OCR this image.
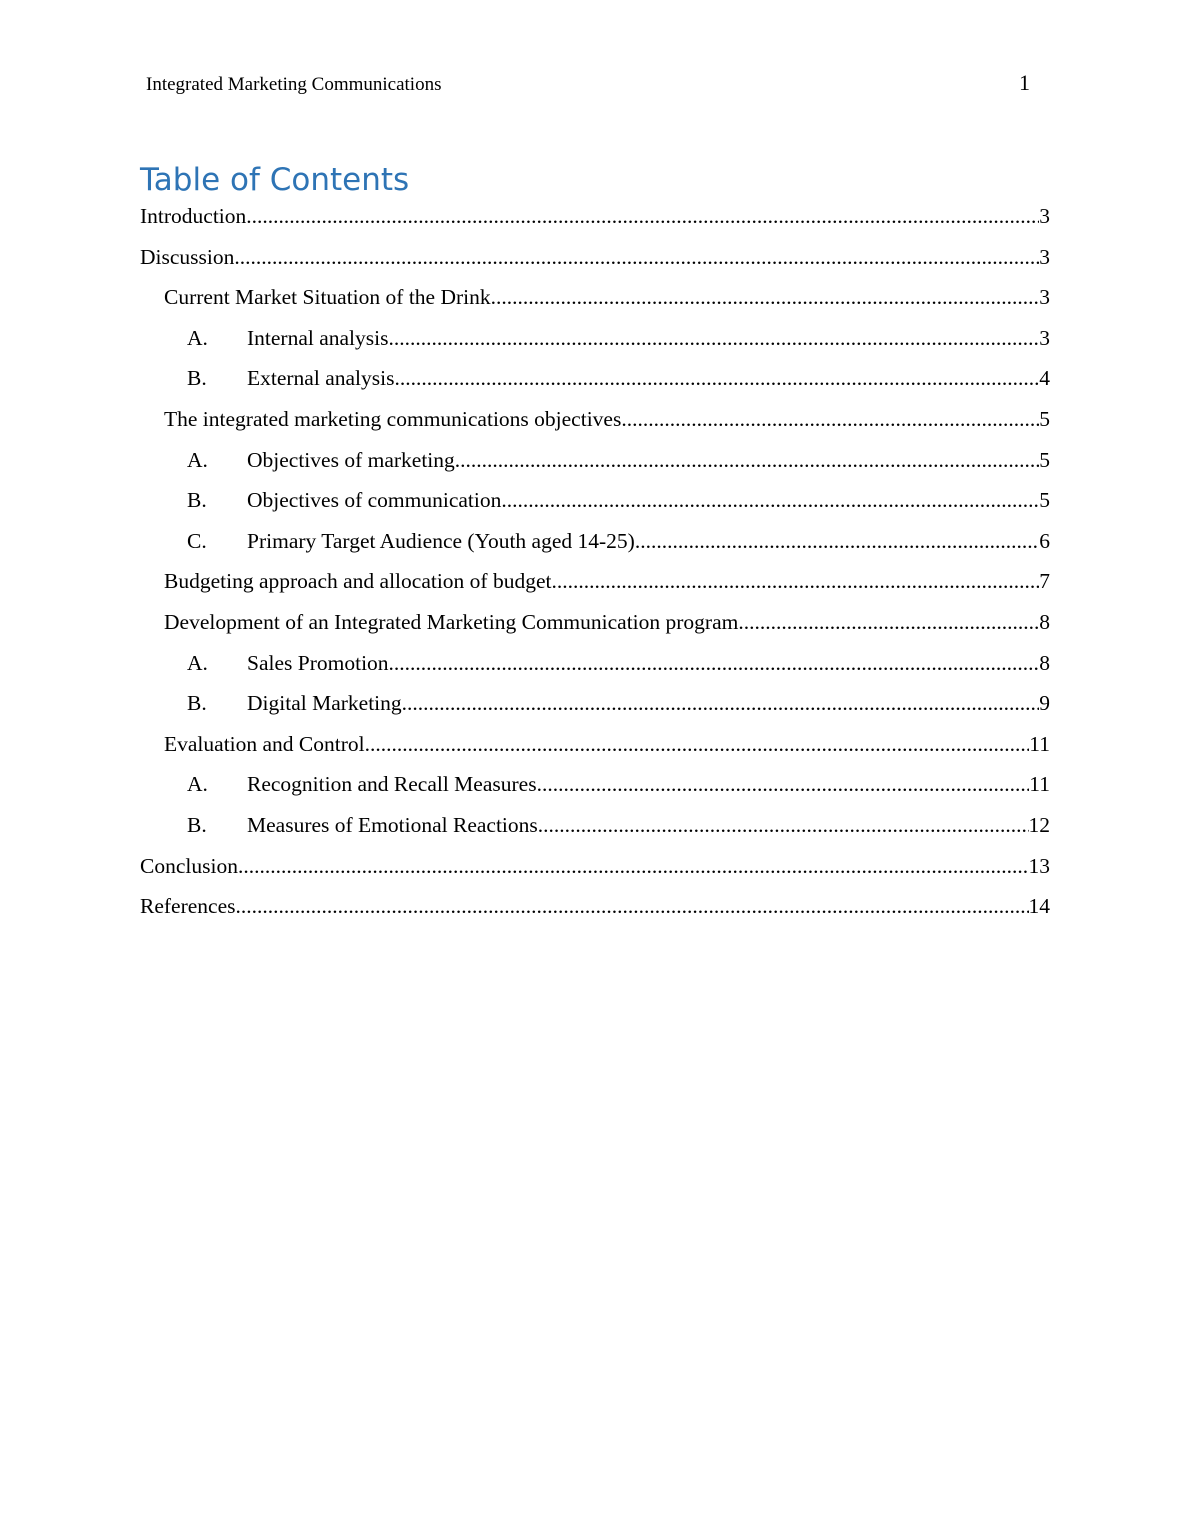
Integrated Marketing Communications	1
Table of Contents
Introduction .....	3
Discussion .....	3
Current Market Situation of the Drink .....	3
A.	Internal analysis .....	3
B.	External analysis .....	4
The integrated marketing communications objectives .....	5
A.	Objectives of marketing .....	5
B.	Objectives of communication .....	5
C.	Primary Target Audience (Youth aged 14-25) .....	6
Budgeting approach and allocation of budget .....	7
Development of an Integrated Marketing Communication program .....	8
A.	Sales Promotion .....	8
B.	Digital Marketing .....	9
Evaluation and Control .....	11
A.	Recognition and Recall Measures .....	11
B.	Measures of Emotional Reactions .....	12
Conclusion .....	13
References .....	14
